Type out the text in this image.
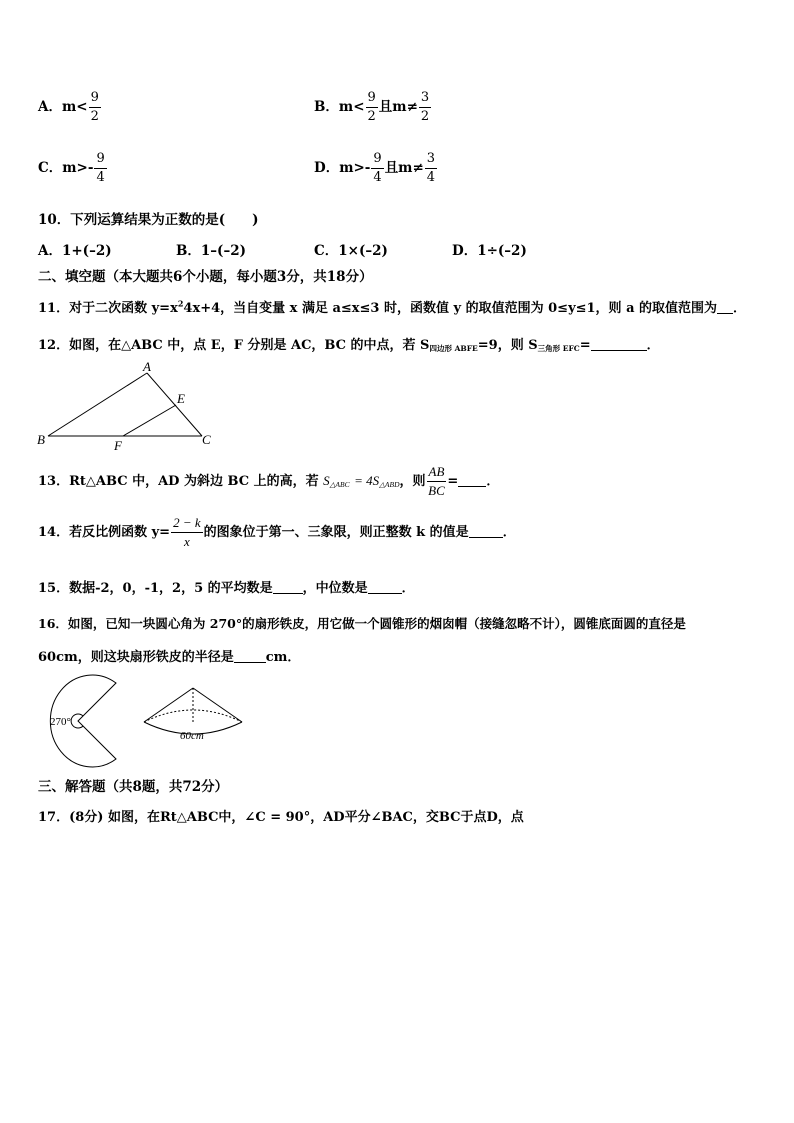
A．$m< \frac{9}{2}$	B．$m< \frac{9}{2}$ 且$m\ne \frac{3}{2}$
C．$m>- \frac{9}{4}$	D．$m>- \frac{9}{4}$ 且$m\ne \frac{3}{4}$
10．下列运算结果为正数的是(　　)
A．1+(–2)	B．1–(–2)	C．1×(–2)	D．1÷(–2)
二、填空题（本大题共6个小题，每小题3分，共18分）
11．对于二次函数 $y=x^24x+4$，当自变量 x 满足 a≤x≤3 时，函数值 y 的取值范围为 0≤y≤1，则 a 的取值范围为 ．
12．如图，在△ABC 中，点 E，F 分别是 AC，BC 的中点，若 $S_{四边形 ABFE}=9$，则 $S_{三角形 EFC}=$	．
A
E
B	F	C
13．Rt△ABC 中，AD 为斜边 BC 上的高，若 S△ABC = 4S△ABD，则 $\frac{AB}{BC}$ = ．
14．若反比例函数 $y= \frac{2 - k}{x}$ 的图象位于第一、三象限，则正整数 k 的值是	．
15．数据-2，0，-1，2，5 的平均数是 ，中位数是	．
16．如图，已知一块圆心角为 270°的扇形铁皮，用它做一个圆锥形的烟囱帽（接缝忽略不计），圆锥底面圆的直径是
60cm，则这块扇形铁皮的半径是 cm．
270°
60cm
三、解答题（共8题，共72分）
17．(8分) 如图，在Rt△ABC中，∠C = 90°，AD平分∠BAC，交BC于点D，点
